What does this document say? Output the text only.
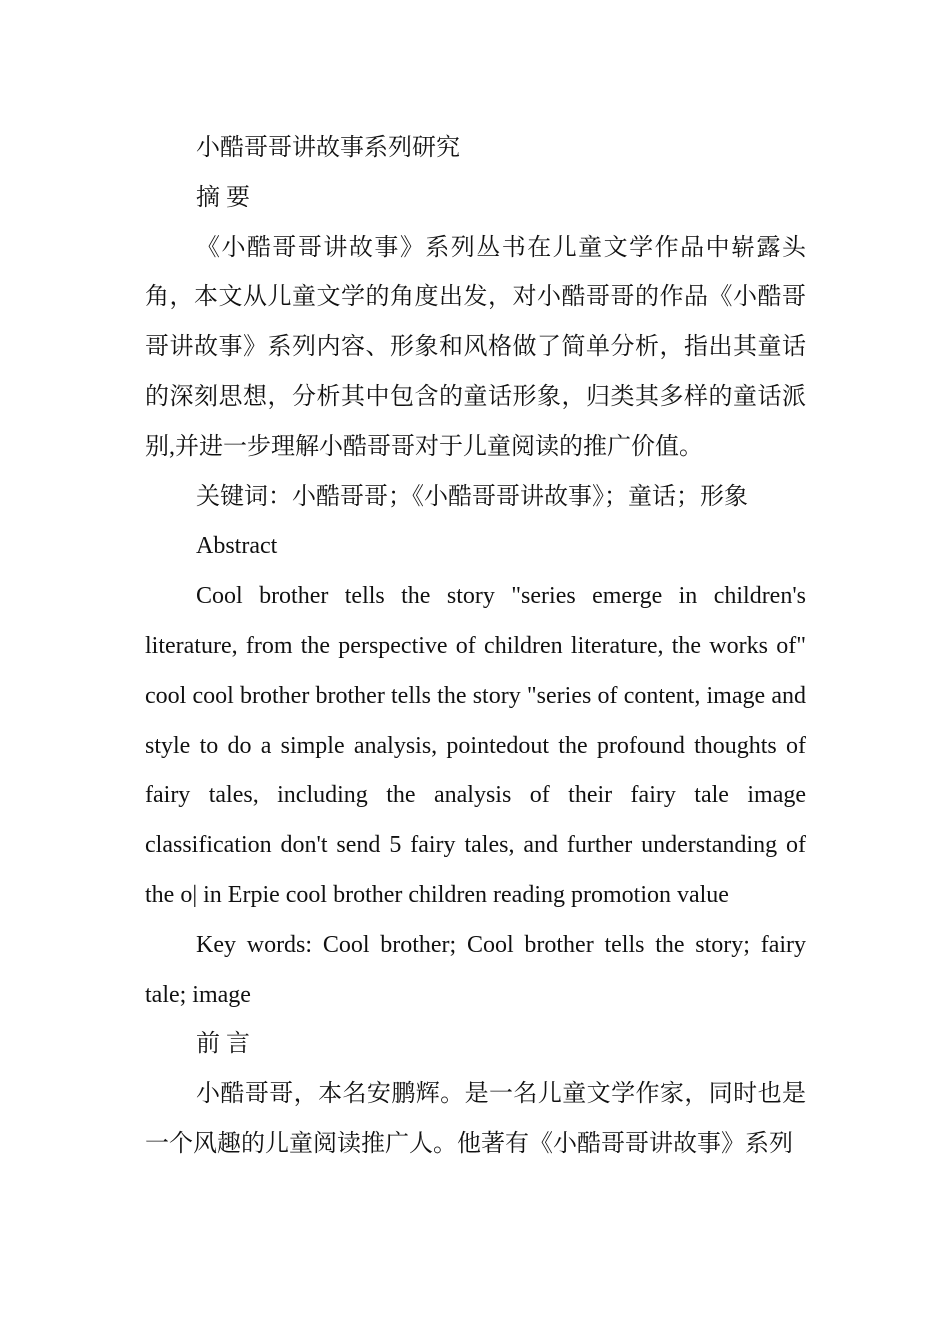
小酷哥哥讲故事系列研究

摘 要

《小酷哥哥讲故事》系列丛书在儿童文学作品中崭露头角，本文从儿童文学的角度出发，对小酷哥哥的作品《小酷哥哥讲故事》系列内容、形象和风格做了简单分析，指出其童话的深刻思想，分析其中包含的童话形象，归类其多样的童话派别,并进一步理解小酷哥哥对于儿童阅读的推广价值。

关键词：小酷哥哥；《小酷哥哥讲故事》；童话；形象

Abstract

Cool brother tells the story "series emerge in children's literature, from the perspective of children literature, the works of" cool cool brother brother tells the story "series of content, image and style to do a simple analysis, pointedout the profound thoughts of fairy tales, including the analysis of their fairy tale image classification don't send 5 fairy tales, and further understanding of the o| in Erpie cool brother children reading promotion value

Key words: Cool brother; Cool brother tells the story; fairy tale; image

前 言

小酷哥哥，本名安鹏辉。是一名儿童文学作家，同时也是一个风趣的儿童阅读推广人。他著有《小酷哥哥讲故事》系列
